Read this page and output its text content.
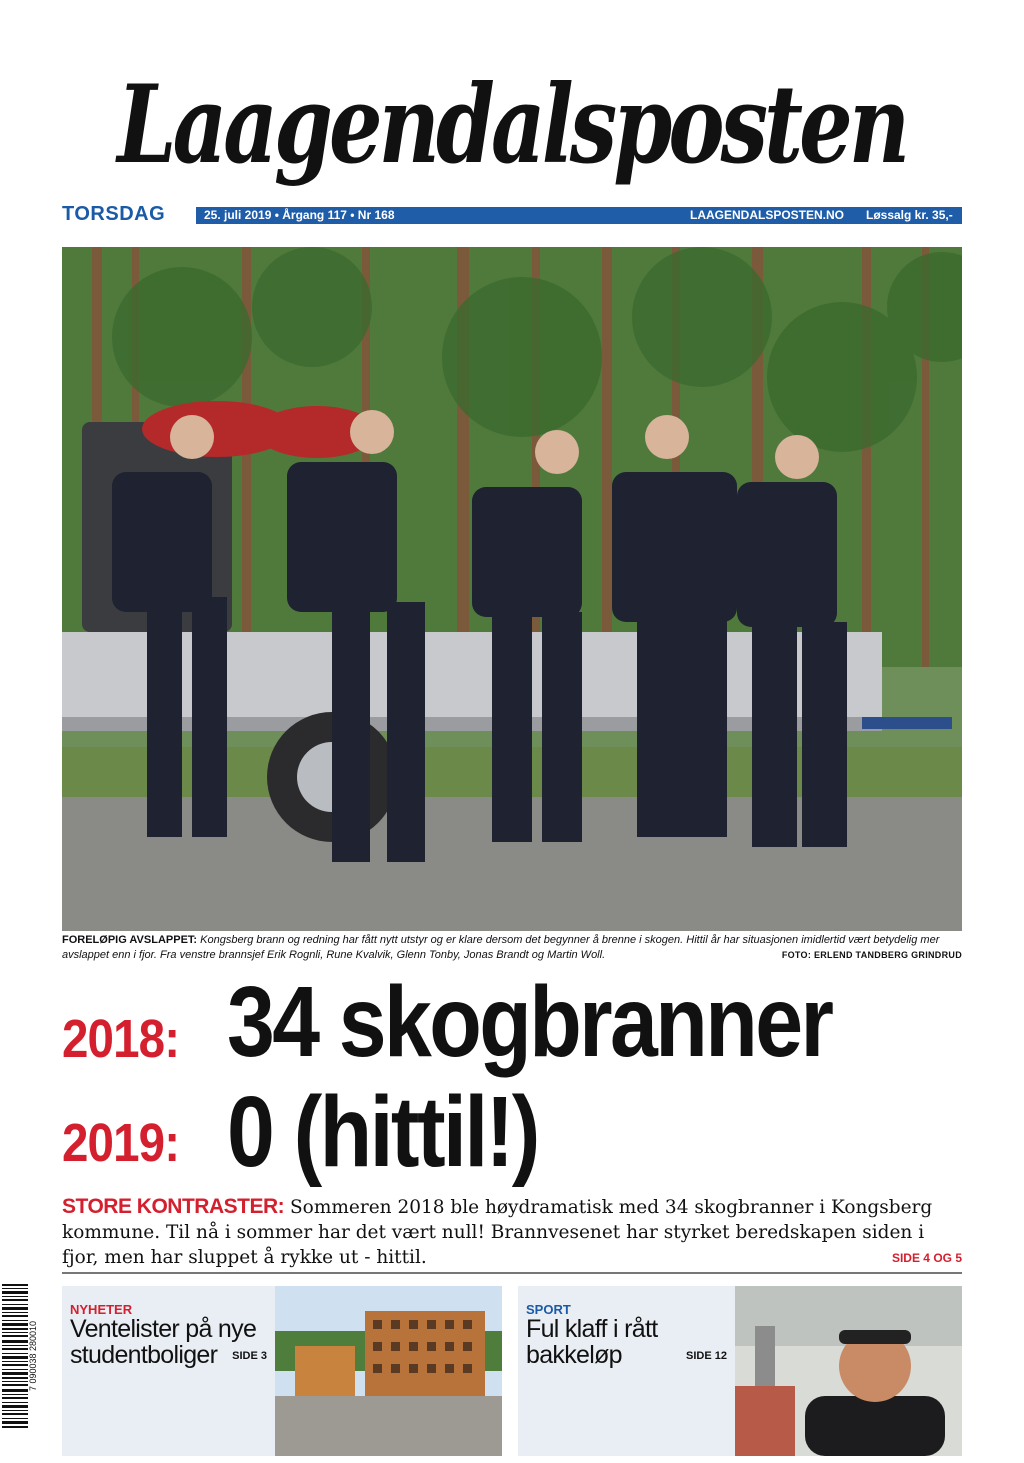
Laagendalsposten
TORSDAG	25. juli 2019 • Årgang 117 • Nr 168	LAAGENDALSPOSTEN.NO Løssalg kr. 35,-
FORELØPIG AVSLAPPET: Kongsberg brann og redning har fått nytt utstyr og er klare dersom det begynner å brenne i skogen. Hittil år har situasjonen imidlertid vært betydelig mer avslappet enn i fjor. Fra venstre brannsjef Erik Rognli, Rune Kvalvik, Glenn Tonby, Jonas Brandt og Martin Woll.	FOTO: ERLEND TANDBERG GRINDRUD
2018: 34 skogbranner
2019: 0 (hittil!)
STORE KONTRASTER: Sommeren 2018 ble høydramatisk med 34 skogbranner i Kongsberg kommune. Til nå i sommer har det vært null! Brannvesenet har styrket beredskapen siden i fjor, men har sluppet å rykke ut - hittil.	SIDE 4 OG 5
7 090038 280010
NYHETER
Ventelister på nye studentboliger	SIDE 3
SPORT
Ful klaff i rått bakkeløp	SIDE 12
